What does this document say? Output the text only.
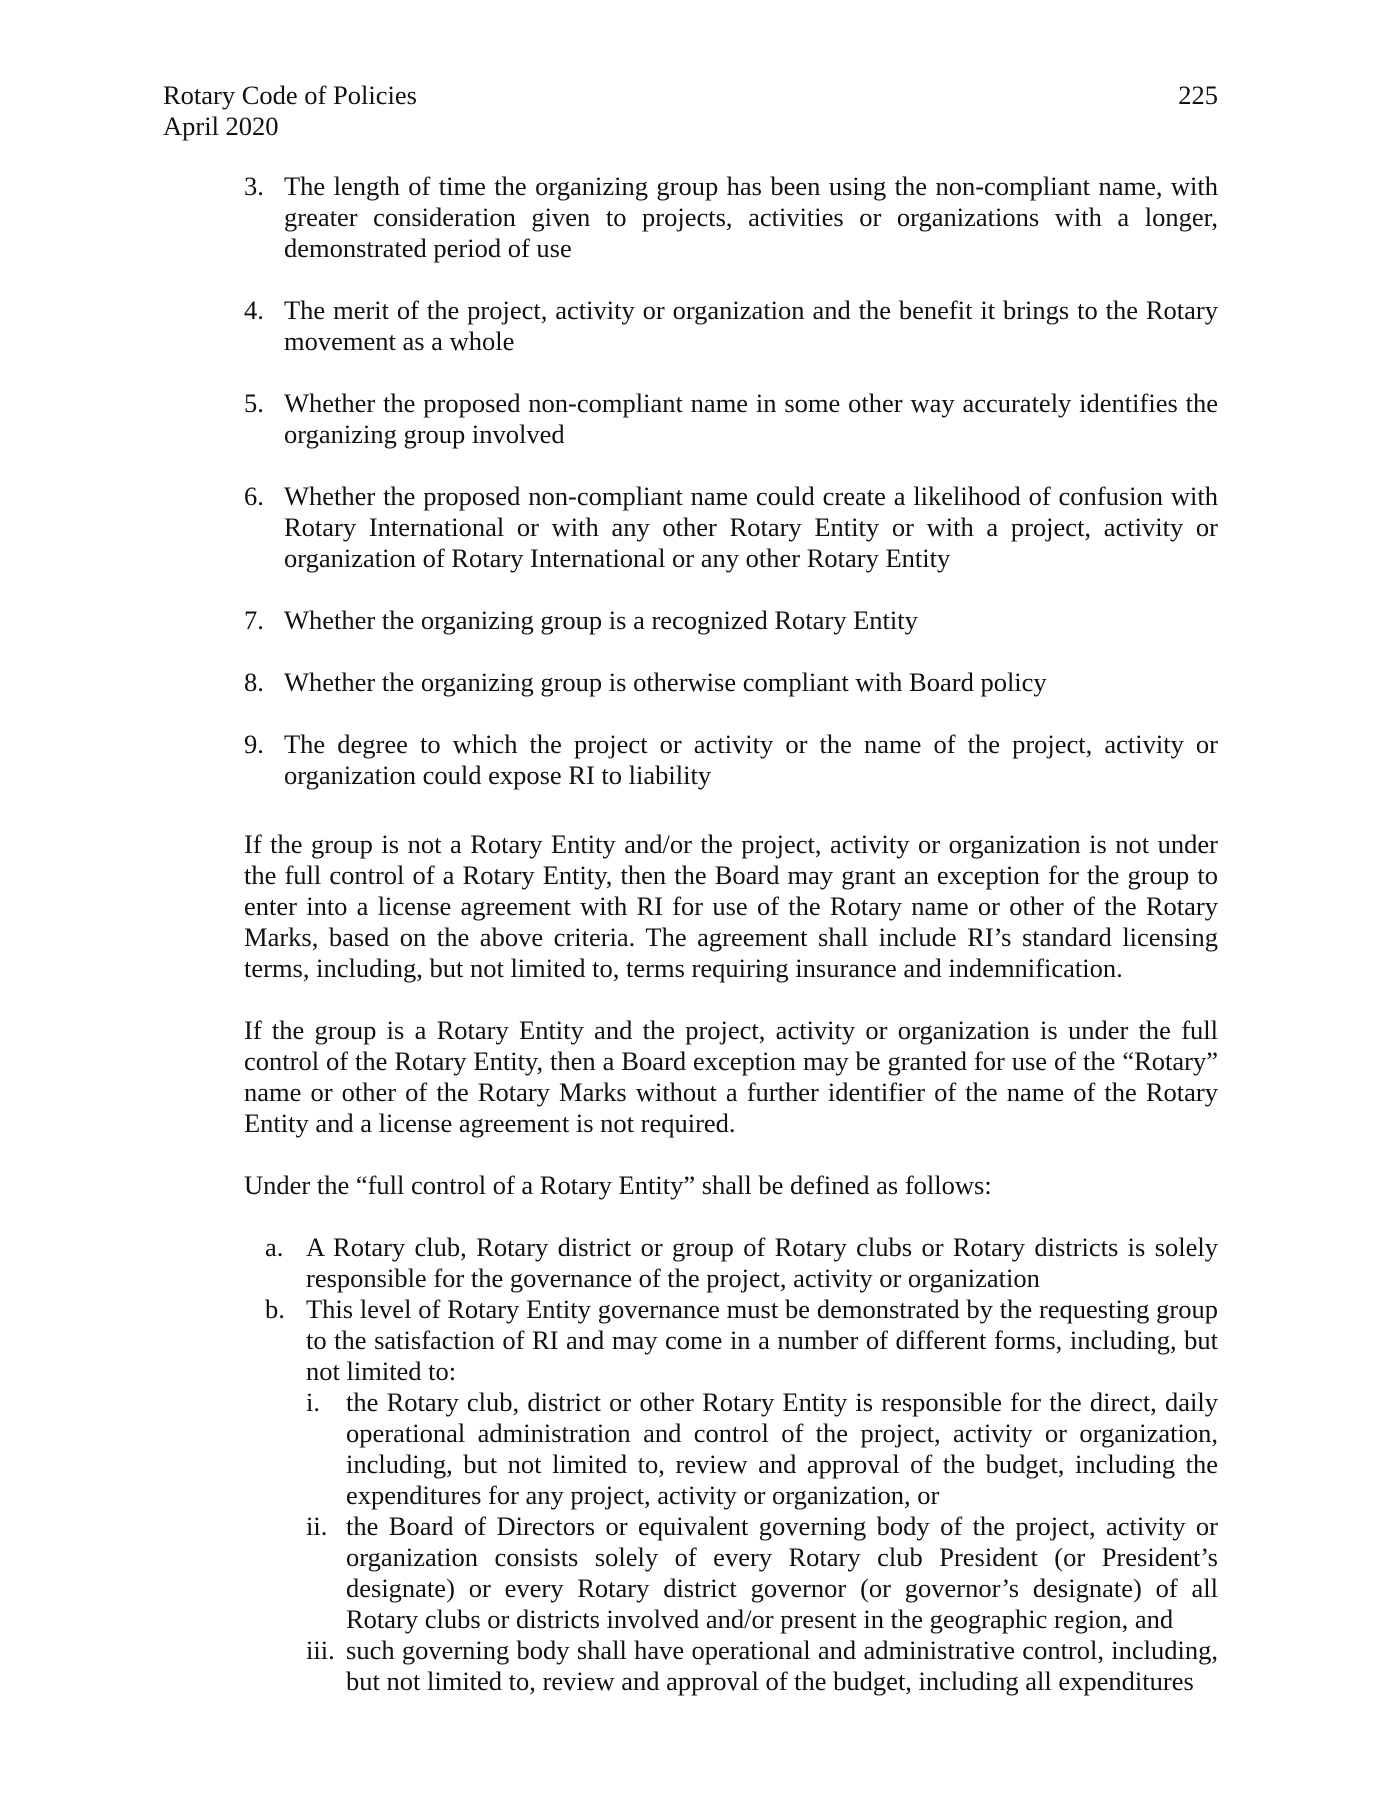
Rotary Code of Policies
April 2020
225
3. The length of time the organizing group has been using the non-compliant name, with greater consideration given to projects, activities or organizations with a longer, demonstrated period of use
4. The merit of the project, activity or organization and the benefit it brings to the Rotary movement as a whole
5. Whether the proposed non-compliant name in some other way accurately identifies the organizing group involved
6. Whether the proposed non-compliant name could create a likelihood of confusion with Rotary International or with any other Rotary Entity or with a project, activity or organization of Rotary International or any other Rotary Entity
7. Whether the organizing group is a recognized Rotary Entity
8. Whether the organizing group is otherwise compliant with Board policy
9. The degree to which the project or activity or the name of the project, activity or organization could expose RI to liability

If the group is not a Rotary Entity and/or the project, activity or organization is not under the full control of a Rotary Entity, then the Board may grant an exception for the group to enter into a license agreement with RI for use of the Rotary name or other of the Rotary Marks, based on the above criteria. The agreement shall include RI’s standard licensing terms, including, but not limited to, terms requiring insurance and indemnification.

If the group is a Rotary Entity and the project, activity or organization is under the full control of the Rotary Entity, then a Board exception may be granted for use of the “Rotary” name or other of the Rotary Marks without a further identifier of the name of the Rotary Entity and a license agreement is not required.

Under the “full control of a Rotary Entity” shall be defined as follows:

a. A Rotary club, Rotary district or group of Rotary clubs or Rotary districts is solely responsible for the governance of the project, activity or organization
b. This level of Rotary Entity governance must be demonstrated by the requesting group to the satisfaction of RI and may come in a number of different forms, including, but not limited to:
i. the Rotary club, district or other Rotary Entity is responsible for the direct, daily operational administration and control of the project, activity or organization, including, but not limited to, review and approval of the budget, including the expenditures for any project, activity or organization, or
ii. the Board of Directors or equivalent governing body of the project, activity or organization consists solely of every Rotary club President (or President’s designate) or every Rotary district governor (or governor’s designate) of all Rotary clubs or districts involved and/or present in the geographic region, and
iii. such governing body shall have operational and administrative control, including, but not limited to, review and approval of the budget, including all expenditures
